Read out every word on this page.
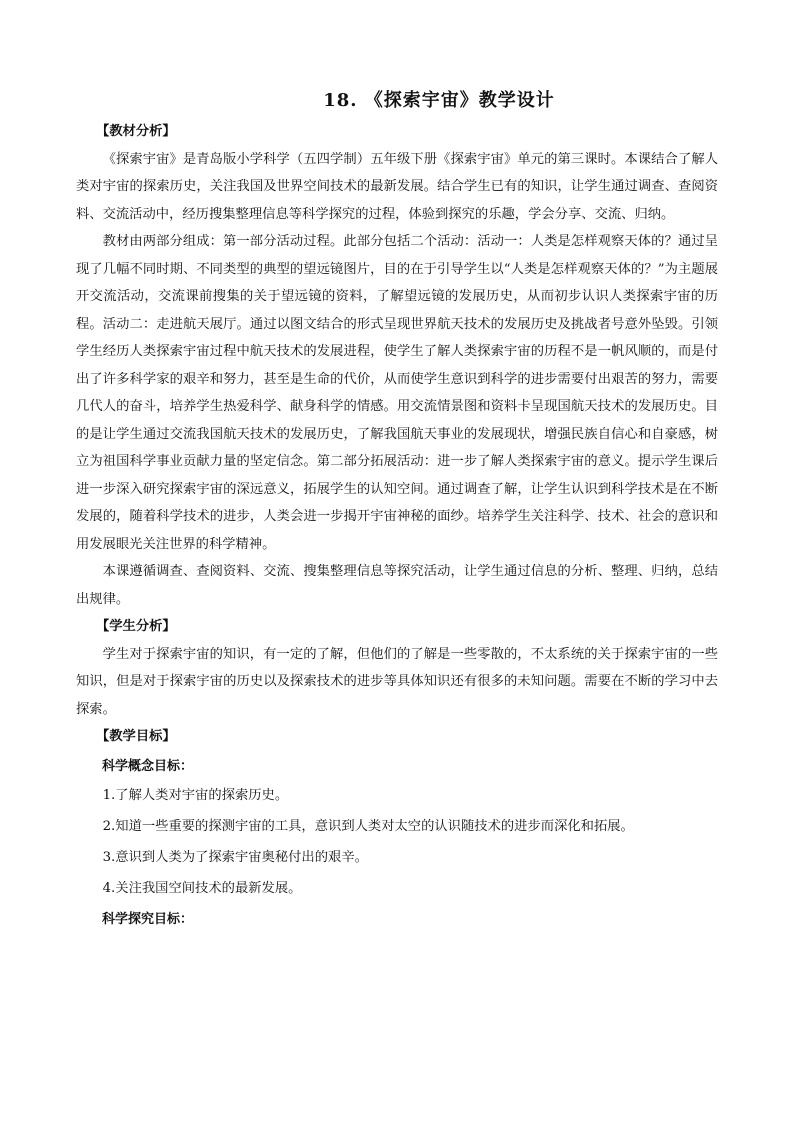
18. 《探索宇宙》教学设计
【教材分析】

《探索宇宙》是青岛版小学科学（五四学制）五年级下册《探索宇宙》单元的第三课时。本课结合了解人类对宇宙的探索历史，关注我国及世界空间技术的最新发展。结合学生已有的知识，让学生通过调查、查阅资料、交流活动中，经历搜集整理信息等科学探究的过程，体验到探究的乐趣，学会分享、交流、归纳。

教材由两部分组成：第一部分活动过程。此部分包括二个活动：活动一：人类是怎样观察天体的？通过呈现了几幅不同时期、不同类型的典型的望远镜图片，目的在于引导学生以“人类是怎样观察天体的？”为主题展开交流活动，交流课前搜集的关于望远镜的资料，了解望远镜的发展历史，从而初步认识人类探索宇宙的历程。活动二：走进航天展厅。通过以图文结合的形式呈现世界航天技术的发展历史及挑战者号意外坠毁。引领学生经历人类探索宇宙过程中航天技术的发展进程，使学生了解人类探索宇宙的历程不是一帆风顺的，而是付出了许多科学家的艰辛和努力，甚至是生命的代价，从而使学生意识到科学的进步需要付出艰苦的努力，需要几代人的奋斗，培养学生热爱科学、献身科学的情感。用交流情景图和资料卡呈现国航天技术的发展历史。目的是让学生通过交流我国航天技术的发展历史，了解我国航天事业的发展现状，增强民族自信心和自豪感，树立为祖国科学事业贡献力量的坚定信念。第二部分拓展活动：进一步了解人类探索宇宙的意义。提示学生课后进一步深入研究探索宇宙的深远意义，拓展学生的认知空间。通过调查了解，让学生认识到科学技术是在不断发展的，随着科学技术的进步，人类会进一步揭开宇宙神秘的面纱。培养学生关注科学、技术、社会的意识和用发展眼光关注世界的科学精神。

本课遵循调查、查阅资料、交流、搜集整理信息等探究活动，让学生通过信息的分析、整理、归纳，总结出规律。

【学生分析】

学生对于探索宇宙的知识，有一定的了解，但他们的了解是一些零散的，不太系统的关于探索宇宙的一些知识，但是对于探索宇宙的历史以及探索技术的进步等具体知识还有很多的未知问题。需要在不断的学习中去探索。

【教学目标】
科学概念目标：
1.了解人类对宇宙的探索历史。
2.知道一些重要的探测宇宙的工具，意识到人类对太空的认识随技术的进步而深化和拓展。
3.意识到人类为了探索宇宙奥秘付出的艰辛。
4.关注我国空间技术的最新发展。
科学探究目标：
